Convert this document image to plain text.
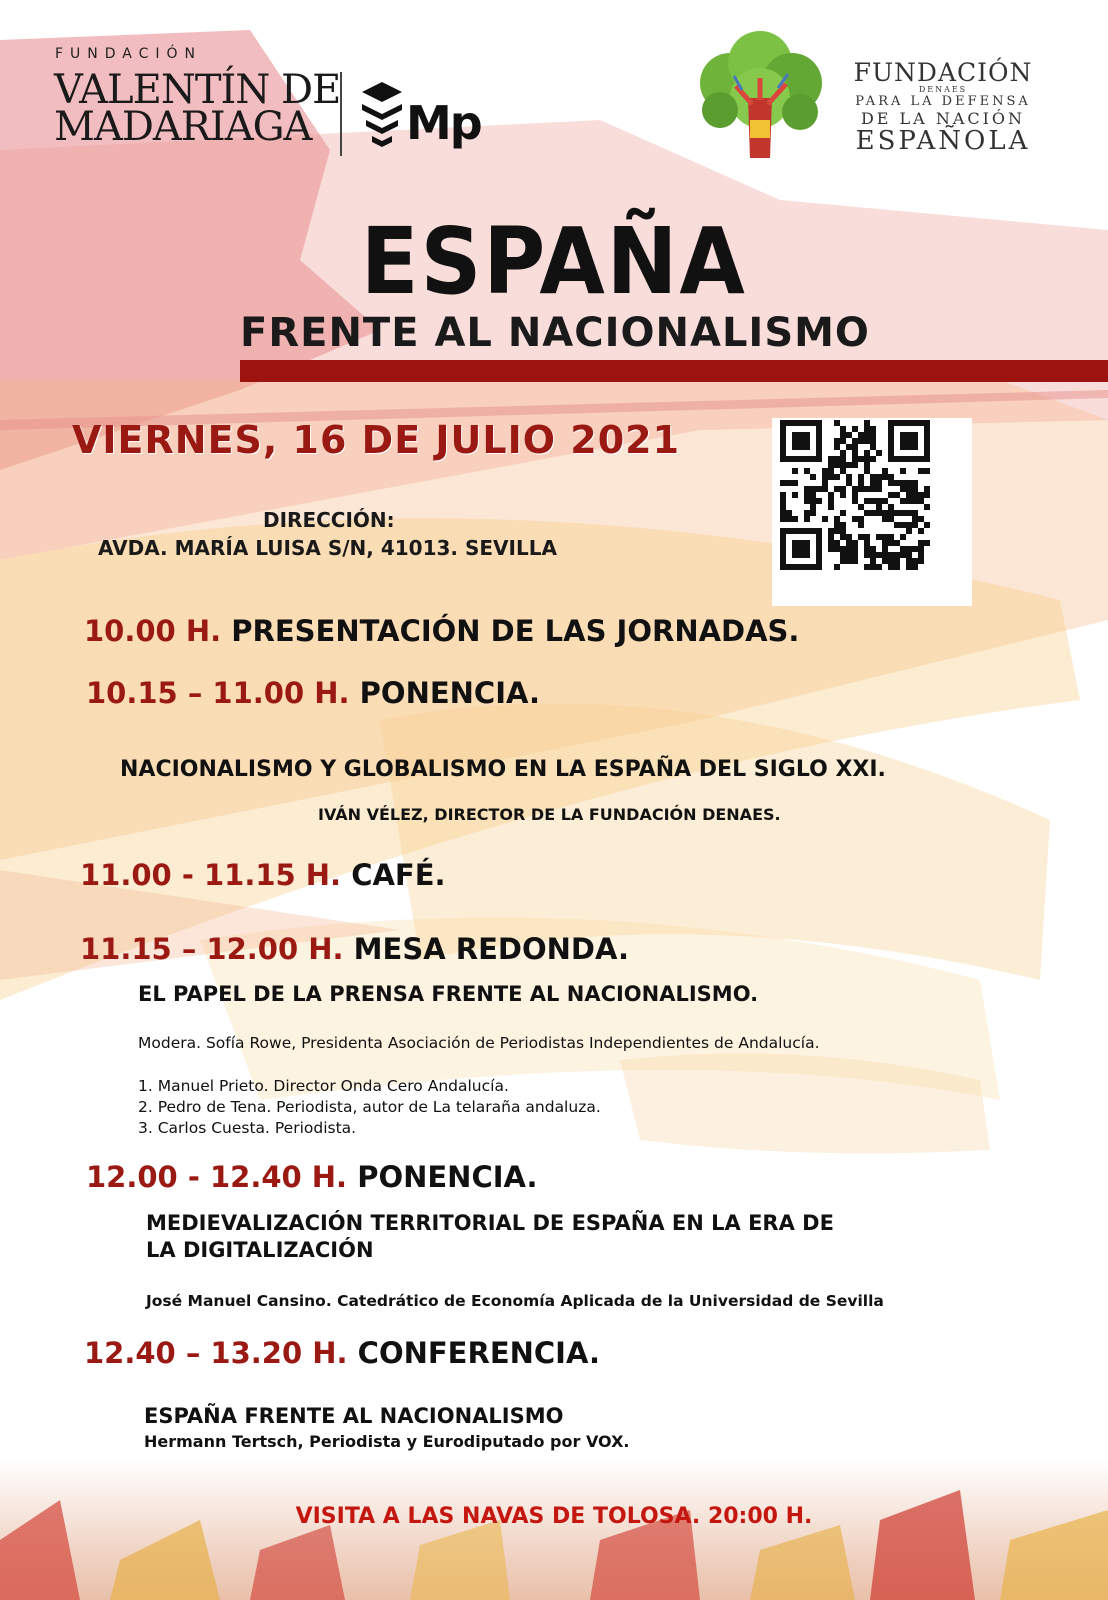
FUNDACIÓN
VALENTÍN DE
MADARIAGA	Mp
FUNDACIÓN
DENAES
PARA LA DEFENSA
DE LA NACIÓN
ESPAÑOLA
ESPAÑA
FRENTE AL NACIONALISMO
VIERNES, 16 DE JULIO 2021
DIRECCIÓN:
AVDA. MARÍA LUISA S/N, 41013. SEVILLA
10.00 H. PRESENTACIÓN DE LAS JORNADAS.
10.15 – 11.00 H. PONENCIA.
NACIONALISMO Y GLOBALISMO EN LA ESPAÑA DEL SIGLO XXI.
IVÁN VÉLEZ, DIRECTOR DE LA FUNDACIÓN DENAES.
11.00 - 11.15 H. CAFÉ.
11.15 – 12.00 H. MESA REDONDA.
EL PAPEL DE LA PRENSA FRENTE AL NACIONALISMO.
Modera. Sofía Rowe, Presidenta Asociación de Periodistas Independientes de Andalucía.
1. Manuel Prieto. Director Onda Cero Andalucía.
2. Pedro de Tena. Periodista, autor de La telaraña andaluza.
3. Carlos Cuesta. Periodista.
12.00 - 12.40 H. PONENCIA.
MEDIEVALIZACIÓN TERRITORIAL DE ESPAÑA EN LA ERA DE
LA DIGITALIZACIÓN
José Manuel Cansino. Catedrático de Economía Aplicada de la Universidad de Sevilla
12.40 – 13.20 H. CONFERENCIA.
ESPAÑA FRENTE AL NACIONALISMO
Hermann Tertsch, Periodista y Eurodiputado por VOX.
VISITA A LAS NAVAS DE TOLOSA. 20:00 H.
